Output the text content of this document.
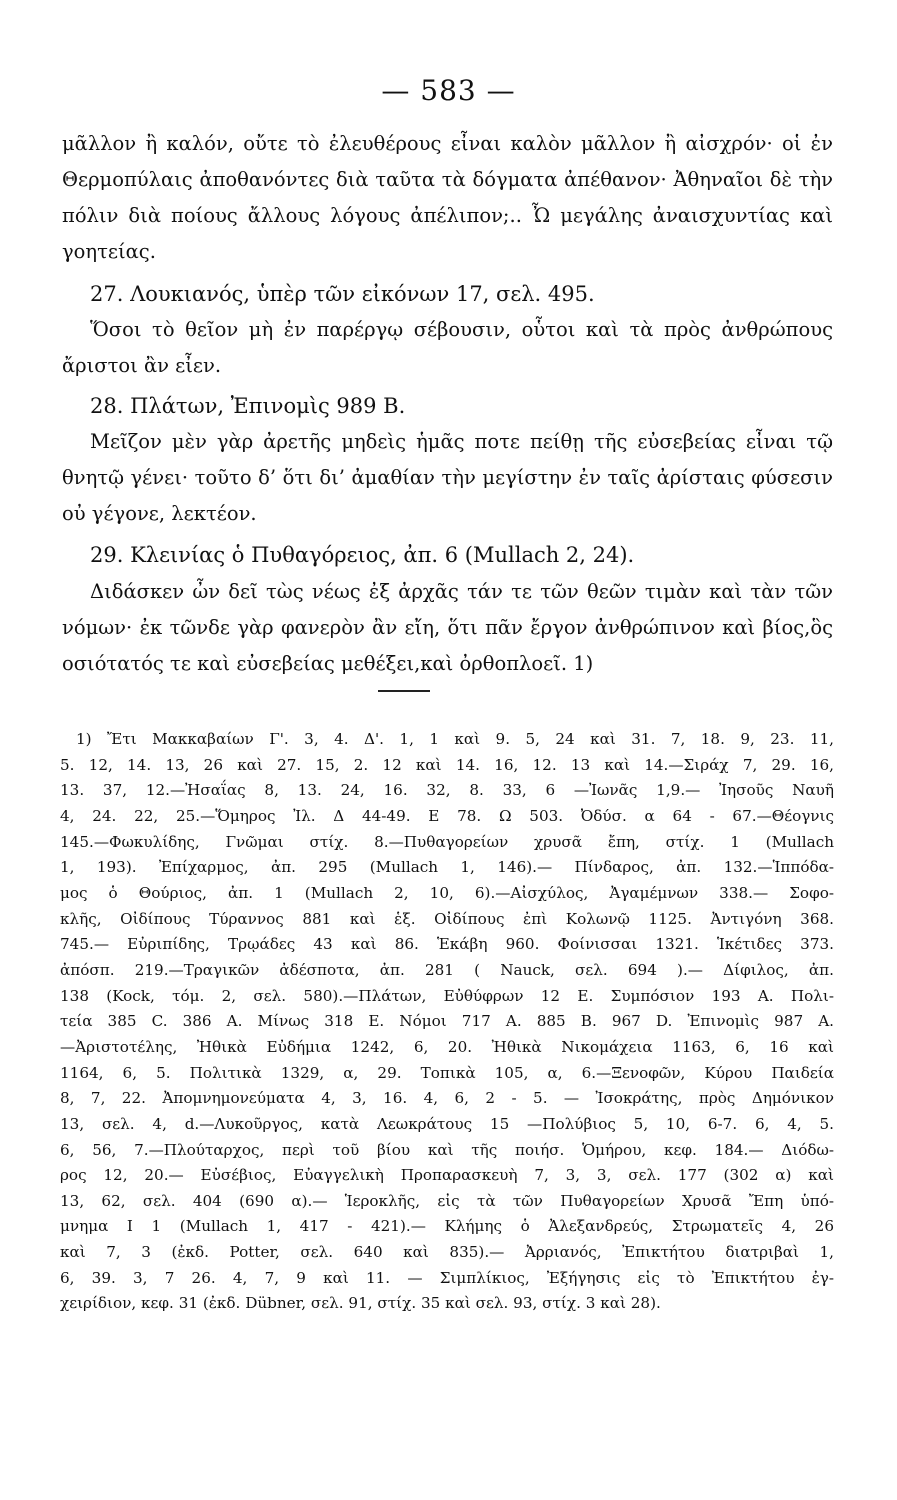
— 583 —

μᾶλλον ἢ καλόν, οὔτε τὸ ἐλευθέρους εἶναι καλὸν μᾶλλον ἢ αἰσχρόν· οἱ ἐν Θερμοπύλαις ἀποθανόντες διὰ ταῦτα τὰ δόγματα ἀπέθανον· Ἀθηναῖοι δὲ τὴν πόλιν διὰ ποίους ἄλλους λόγους ἀπέλιπον;.. Ὦ μεγάλης ἀναισχυντίας καὶ γοητείας.

27. Λουκιανός, ὑπὲρ τῶν εἰκόνων 17, σελ. 495.

Ὅσοι τὸ θεῖον μὴ ἐν παρέργῳ σέβουσιν, οὗτοι καὶ τὰ πρὸς ἀνθρώπους ἄριστοι ἂν εἶεν.

28. Πλάτων, Ἐπινομὶς 989 Β.

Μεῖζον μὲν γὰρ ἀρετῆς μηδεὶς ἡμᾶς ποτε πείθῃ τῆς εὐσεβείας εἶναι τῷ θνητῷ γένει· τοῦτο δ’ ὅτι δι’ ἀμαθίαν τὴν μεγίστην ἐν ταῖς ἀρίσταις φύσεσιν οὐ γέγονε, λεκτέον.

29. Κλεινίας ὁ Πυθαγόρειος, ἀπ. 6 (Mullach 2, 24).

Διδάσκεν ὦν δεῖ τὼς νέως ἐξ ἀρχᾶς τάν τε τῶν θεῶν τιμὰν καὶ τὰν τῶν νόμων· ἐκ τῶνδε γὰρ φανερὸν ἂν εἴη, ὅτι πᾶν ἔργον ἀνθρώπινον καὶ βίος,ὃς οσιότατός τε καὶ εὐσεβείας μεθέξει,καὶ ὀρθοπλοεῖ. 1)

1) Ἔτι Μακκαβαίων Γ'. 3, 4. Δ'. 1, 1 καὶ 9. 5, 24 καὶ 31. 7, 18. 9, 23. 11,
5. 12, 14. 13, 26 καὶ 27. 15, 2. 12 καὶ 14. 16, 12. 13 καὶ 14.—Σιράχ 7, 29. 16,
13. 37, 12.—Ἠσαΐας 8, 13. 24, 16. 32, 8. 33, 6 —Ἰωνᾶς 1,9.— Ἰησοῦς Ναυῆ
4, 24. 22, 25.—Ὅμηρος Ἰλ. Δ 44-49. Ε 78. Ω 503. Ὀδύσ. α 64 - 67.—Θέογνις
145.—Φωκυλίδης, Γνῶμαι στίχ. 8.—Πυθαγορείων χρυσᾶ ἔπη, στίχ. 1 (Mullach
1, 193). Ἐπίχαρμος, ἀπ. 295 (Mullach 1, 146).— Πίνδαρος, ἀπ. 132.—Ἱππόδα-
μος ὁ Θούριος, ἀπ. 1 (Mullach 2, 10, 6).—Αἰσχύλος, Ἀγαμέμνων 338.— Σοφο-
κλῆς, Οἰδίπους Τύραννος 881 καὶ ἑξ. Οἰδίπους ἐπὶ Κολωνῷ 1125. Ἀντιγόνη 368.
745.— Εὐριπίδης, Τρῳάδες 43 καὶ 86. Ἑκάβη 960. Φοίνισσαι 1321. Ἱκέτιδες 373.
ἀπόσπ. 219.—Τραγικῶν ἀδέσποτα, ἀπ. 281 ( Nauck, σελ. 694 ).— Δίφιλος, ἀπ.
138 (Kock, τόμ. 2, σελ. 580).—Πλάτων, Εὐθύφρων 12 Ε. Συμπόσιον 193 Α. Πολι-
τεία 385 C. 386 Α. Μίνως 318 Ε. Νόμοι 717 Α. 885 Β. 967 D. Ἐπινομὶς 987 Α.
—Ἀριστοτέλης, Ἠθικὰ Εὐδήμια 1242, 6, 20. Ἠθικὰ Νικομάχεια 1163, 6, 16 καὶ
1164, 6, 5. Πολιτικὰ 1329, α, 29. Τοπικὰ 105, α, 6.—Ξενοφῶν, Κύρου Παιδεία
8, 7, 22. Ἀπομνημονεύματα 4, 3, 16. 4, 6, 2 - 5. — Ἰσοκράτης, πρὸς Δημόνικον
13, σελ. 4, d.—Λυκοῦργος, κατὰ Λεωκράτους 15 —Πολύβιος 5, 10, 6-7. 6, 4, 5.
6, 56, 7.—Πλούταρχος, περὶ τοῦ βίου καὶ τῆς ποιήσ. Ὁμήρου, κεφ. 184.— Διόδω-
ρος 12, 20.— Εὐσέβιος, Εὐαγγελικὴ Προπαρασκευὴ 7, 3, 3, σελ. 177 (302 α) καὶ
13, 62, σελ. 404 (690 α).— Ἱεροκλῆς, εἰς τὰ τῶν Πυθαγορείων Χρυσᾶ Ἔπη ὑπό-
μνημα Ι 1 (Mullach 1, 417 - 421).— Κλήμης ὁ Ἀλεξανδρεύς, Στρωματεῖς 4, 26
καὶ 7, 3 (ἐκδ. Potter, σελ. 640 καὶ 835).— Ἀρριανός, Ἐπικτήτου διατριβαὶ 1,
6, 39. 3, 7 26. 4, 7, 9 καὶ 11. — Σιμπλίκιος, Ἐξήγησις εἰς τὸ Ἐπικτήτου ἐγ-
χειρίδιον, κεφ. 31 (ἐκδ. Dübner, σελ. 91, στίχ. 35 καὶ σελ. 93, στίχ. 3 καὶ 28).
